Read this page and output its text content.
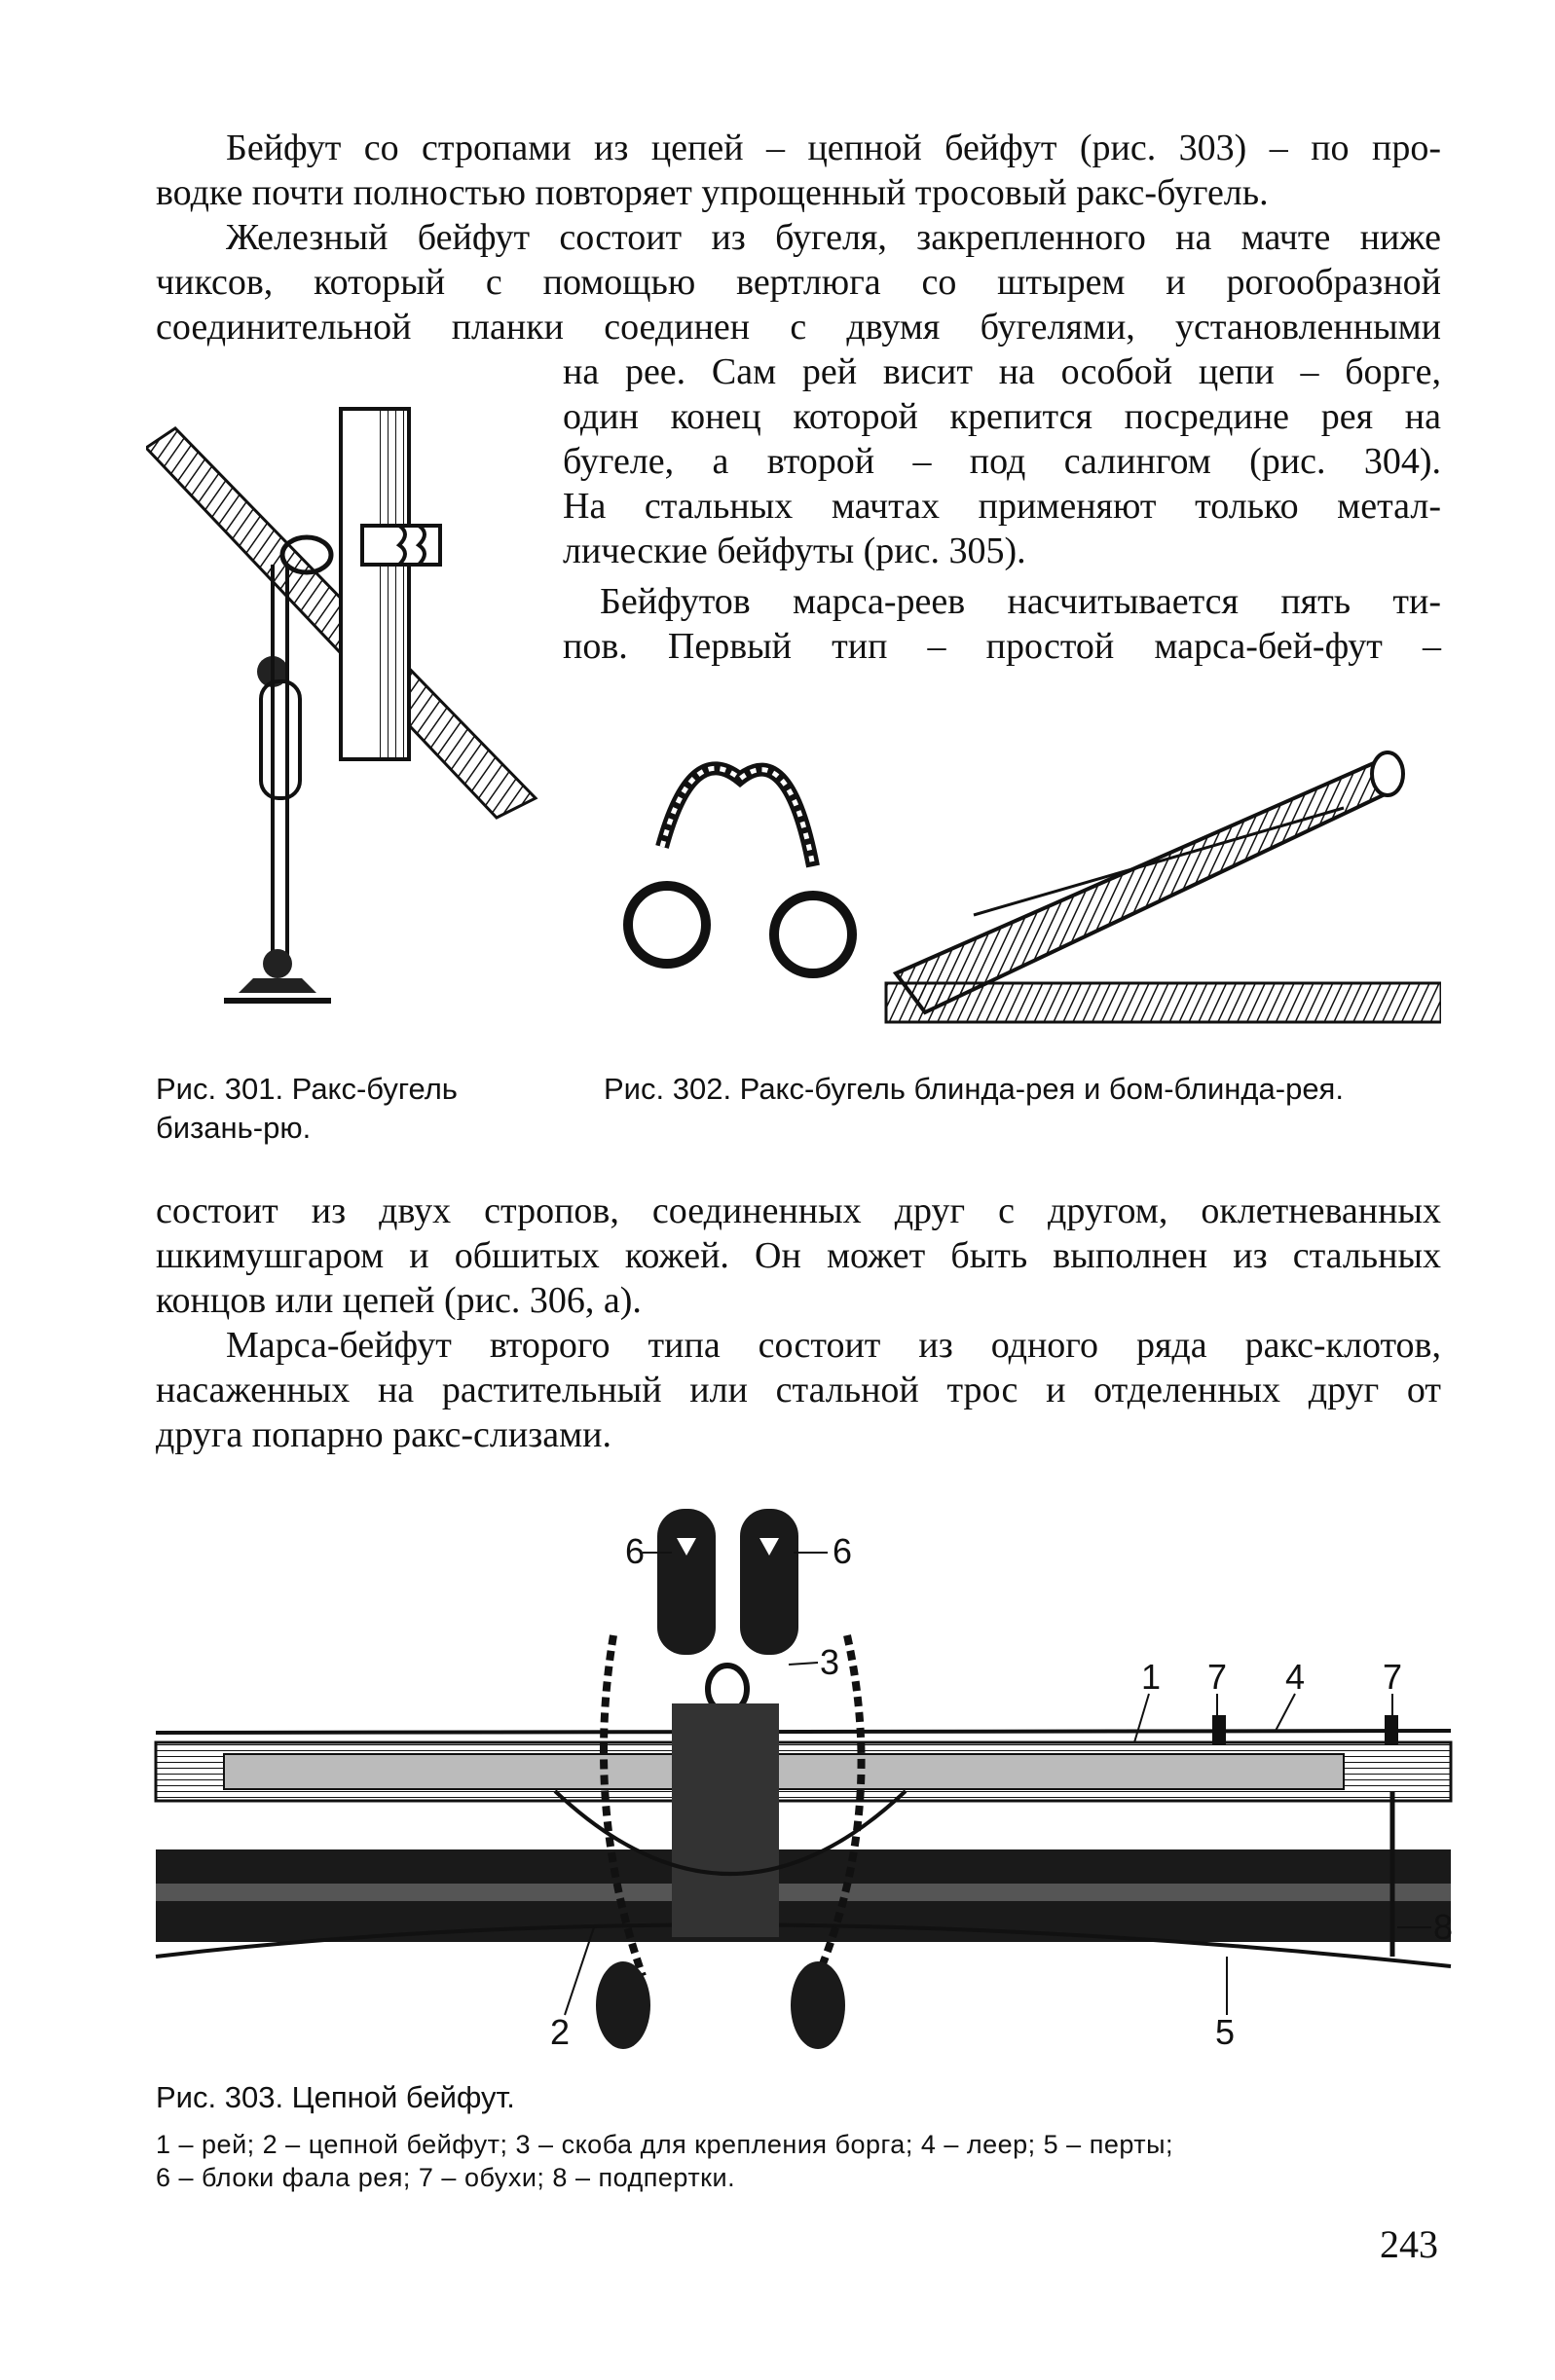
Бейфут со стропами из цепей – цепной бейфут (рис. 303) – по про-
водке почти полностью повторяет упрощенный тросовый ракс-бугель.
Железный бейфут состоит из бугеля, закрепленного на мачте ниже
чиксов, который с помощью вертлюга со штырем и рогообразной
соединительной планки соединен с двумя бугелями, установленными
на рее. Сам рей висит на особой цепи – борге,
один конец которой крепится посредине рея на
бугеле, а второй – под салингом (рис. 304).
На стальных мачтах применяют только метал-
лические бейфуты (рис. 305).
Бейфутов марса-реев насчитывается пять ти-
пов. Первый тип – простой марса-бей-фут –
Рис. 301. Ракс-бугель
бизань-рю.
Рис. 302. Ракс-бугель блинда-рея и бом-блинда-рея.
состоит из двух стропов, соединенных друг с другом, оклетневанных
шкимушгаром и обшитых кожей. Он может быть выполнен из стальных
концов или цепей (рис. 306, а).
Марса-бейфут второго типа состоит из одного ряда ракс-клотов,
насаженных на растительный или стальной трос и отделенных друг от
друга попарно ракс-слизами.
6	6
3	1 7 4 7
8
2	5
Рис. 303. Цепной бейфут.
1 – рей; 2 – цепной бейфут; 3 – скоба для крепления борга; 4 – леер; 5 – перты;
6 – блоки фала рея; 7 – обухи; 8 – подпертки.
243
